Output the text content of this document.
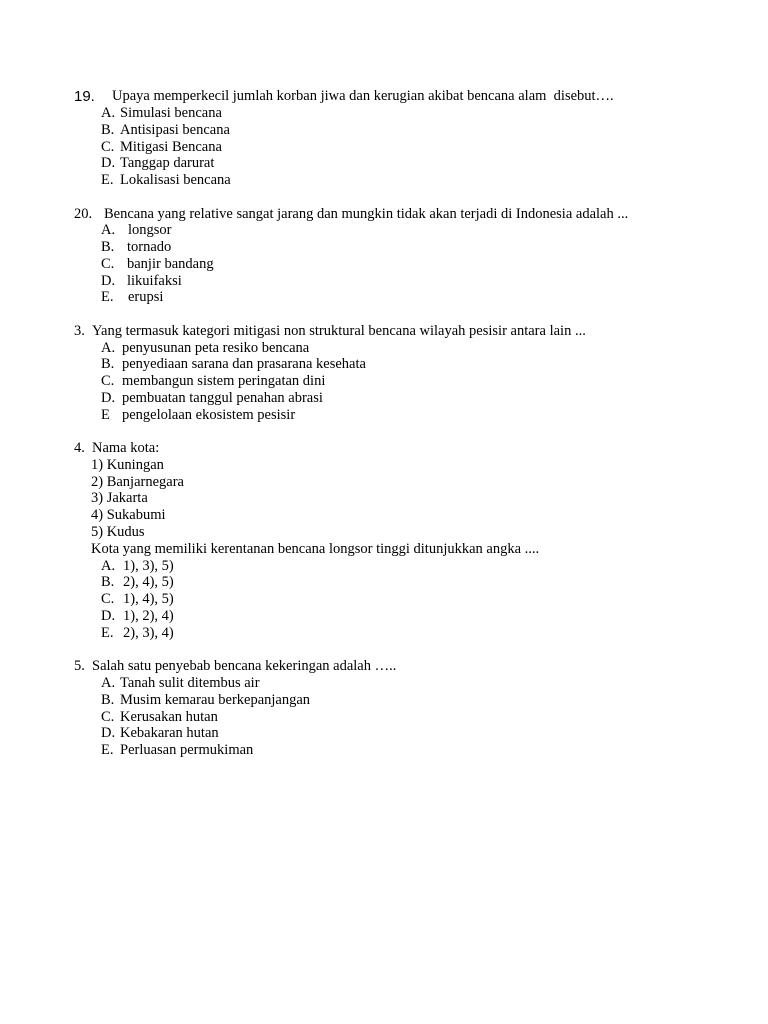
19. Upaya memperkecil jumlah korban jiwa dan kerugian akibat bencana alam  disebut….
A. Simulasi bencana
B. Antisipasi bencana
C. Mitigasi Bencana
D. Tanggap darurat
E. Lokalisasi bencana
20. Bencana yang relative sangat jarang dan mungkin tidak akan terjadi di Indonesia adalah ...
A. longsor
B. tornado
C. banjir bandang
D. likuifaksi
E. erupsi
3. Yang termasuk kategori mitigasi non struktural bencana wilayah pesisir antara lain ...
A. penyusunan peta resiko bencana
B. penyediaan sarana dan prasarana kesehata
C. membangun sistem peringatan dini
D. pembuatan tanggul penahan abrasi
E pengelolaan ekosistem pesisir
4. Nama kota:
1) Kuningan
2) Banjarnegara
3) Jakarta
4) Sukabumi
5) Kudus
Kota yang memiliki kerentanan bencana longsor tinggi ditunjukkan angka ....
A. 1), 3), 5)
B. 2), 4), 5)
C. 1), 4), 5)
D. 1), 2), 4)
E. 2), 3), 4)
5. Salah satu penyebab bencana kekeringan adalah …..
A. Tanah sulit ditembus air
B. Musim kemarau berkepanjangan
C. Kerusakan hutan
D. Kebakaran hutan
E. Perluasan permukiman
